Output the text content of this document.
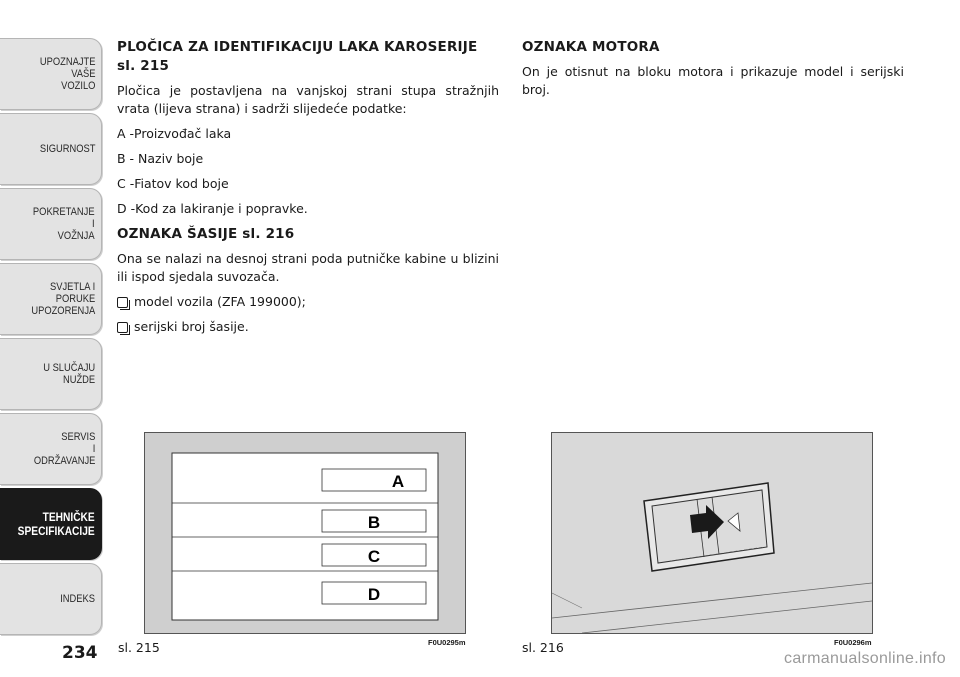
UPOZNAJTE
VAŠE
VOZILO
SIGURNOST
POKRETANJE
I
VOŽNJA
SVJETLA I
PORUKE
UPOZORENJA
U SLUČAJU
NUŽDE
SERVIS
I
ODRŽAVANJE
TEHNIČKE
SPECIFIKACIJE
INDEKS
234
PLOČICA ZA IDENTIFIKACIJU LAKA KAROSERIJE sl. 215
Pločica je postavljena na vanjskoj strani stupa stražnjih vrata (lijeva strana) i sadrži slijedeće podatke:
A -Proizvođač laka
B - Naziv boje
C -Fiatov kod boje
D -Kod za lakiranje i popravke.
OZNAKA ŠASIJE sl. 216
Ona se nalazi na desnoj strani poda putničke kabine u blizini ili ispod sjedala suvozača.
model vozila (ZFA 199000);
serijski broj šasije.
OZNAKA MOTORA
On je otisnut na bloku motora i prikazuje model i serijski broj.
A
B
C
D
sl. 215	F0U0295m	sl. 216	F0U0296m
carmanualsonline.info
